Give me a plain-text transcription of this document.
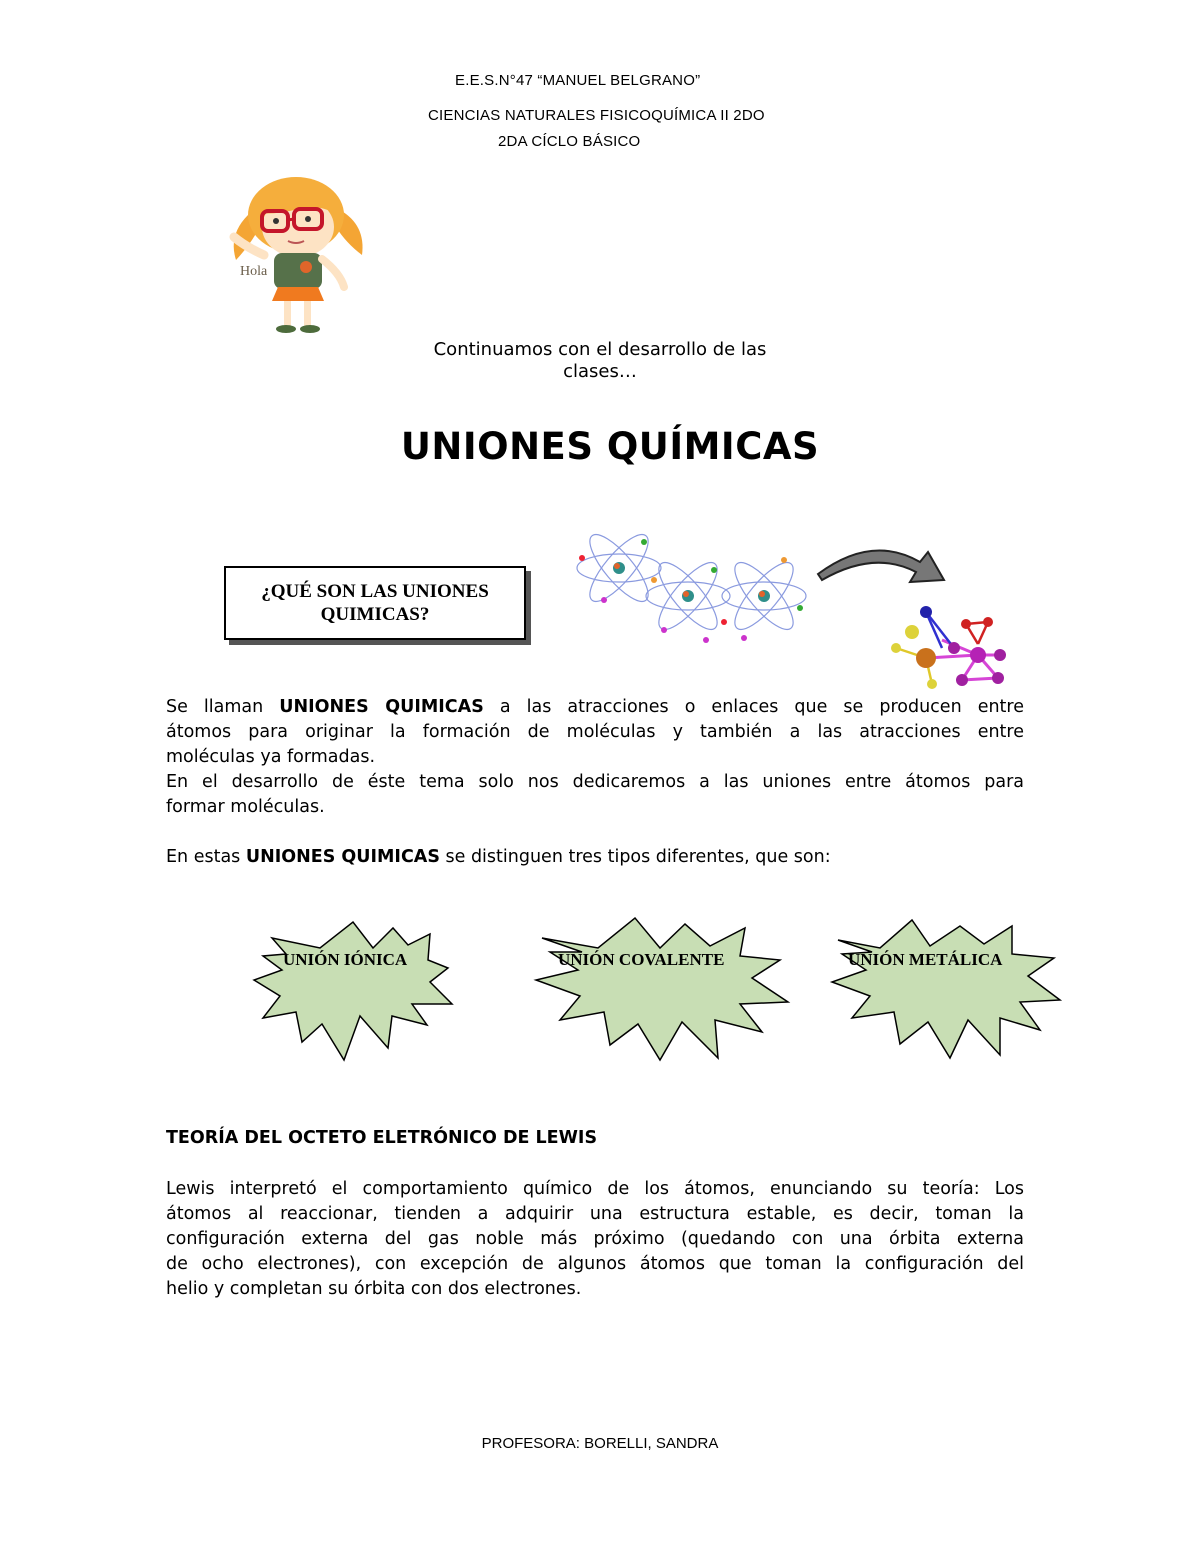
E.E.S.N°47 “MANUEL BELGRANO”
CIENCIAS NATURALES FISICOQUÍMICA II 2DO
2DA CÍCLO BÁSICO
Hola
Continuamos con el desarrollo de las
clases…
UNIONES QUÍMICAS
¿QUÉ SON LAS UNIONES
QUIMICAS?
Se llaman UNIONES QUIMICAS a las atracciones o enlaces que se producen entre
átomos para originar la formación de moléculas y también a las atracciones entre
moléculas ya formadas.
En el desarrollo de éste tema solo nos dedicaremos a las uniones entre átomos para
formar moléculas.
En estas UNIONES QUIMICAS se distinguen tres tipos diferentes, que son:
UNIÓN IÓNICA	UNIÓN COVALENTE	UNIÓN METÁLICA
TEORÍA DEL OCTETO ELETRÓNICO DE LEWIS
Lewis interpretó el comportamiento químico de los átomos, enunciando su teoría: Los
átomos al reaccionar, tienden a adquirir una estructura estable, es decir, toman la
configuración externa del gas noble más próximo (quedando con una órbita externa
de ocho electrones), con excepción de algunos átomos que toman la configuración del
helio y completan su órbita con dos electrones.
PROFESORA: BORELLI, SANDRA
